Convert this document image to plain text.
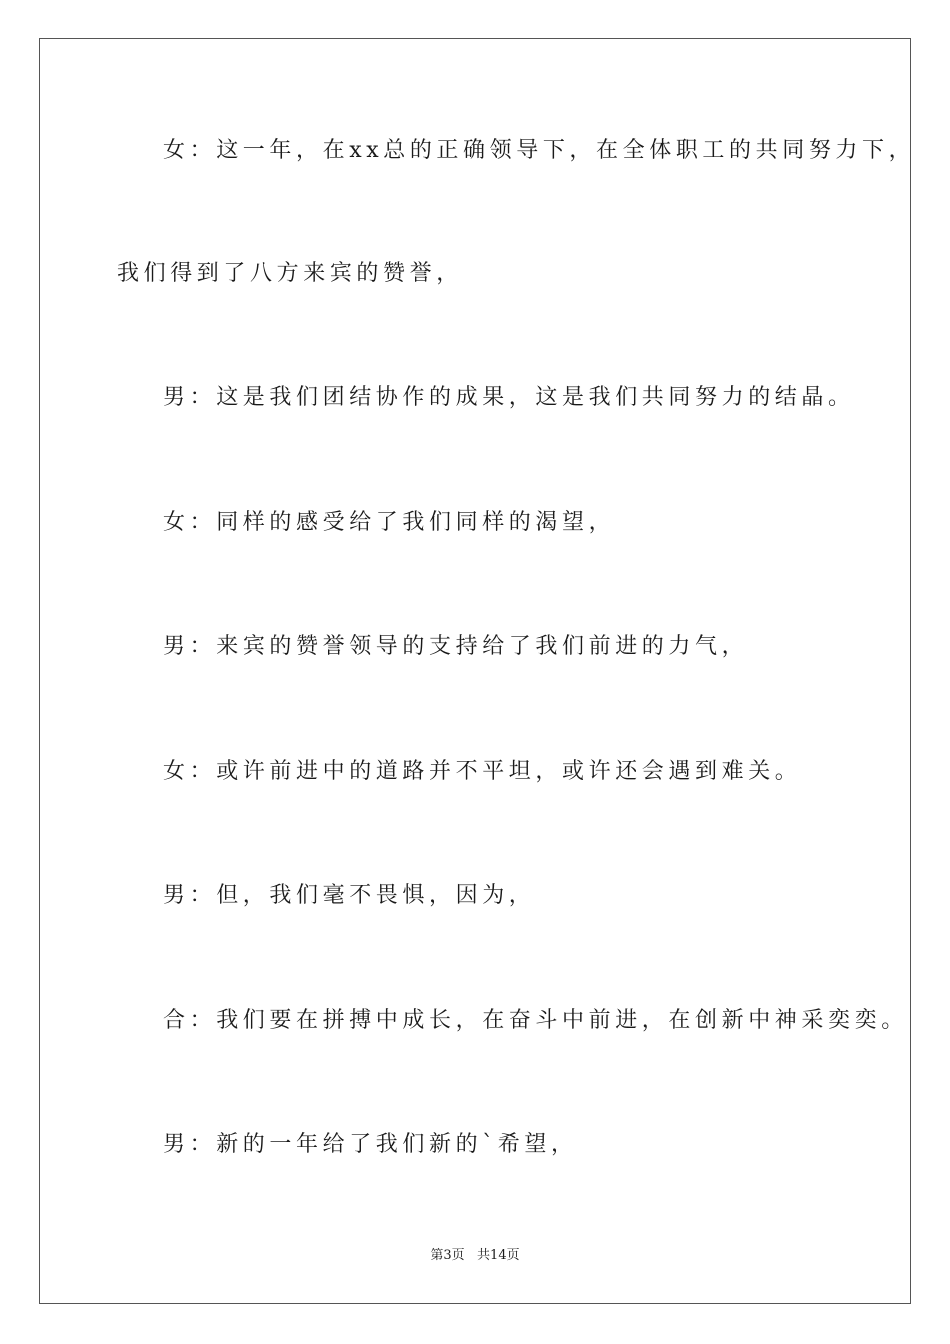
女：这一年，在xx总的正确领导下，在全体职工的共同努力下，
我们得到了八方来宾的赞誉，
男：这是我们团结协作的成果，这是我们共同努力的结晶。
女：同样的感受给了我们同样的渴望，
男：来宾的赞誉领导的支持给了我们前进的力气，
女：或许前进中的道路并不平坦，或许还会遇到难关。
男：但，我们毫不畏惧，因为，
合：我们要在拼搏中成长，在奋斗中前进，在创新中神采奕奕。
男：新的一年给了我们新的`希望，
第3页   共14页
